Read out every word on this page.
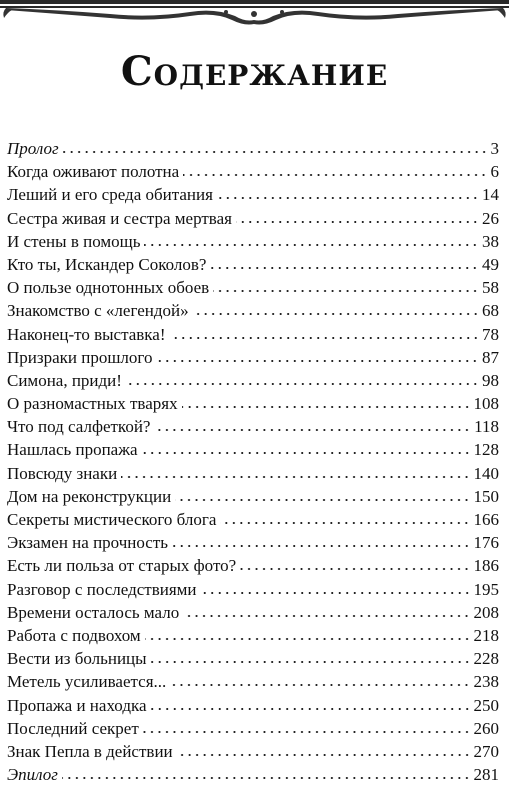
Содержание
Пролог	3
Когда оживают полотна	6
Леший и его среда обитания	14
Сестра живая и сестра мертвая	26
И стены в помощь	38
Кто ты, Искандер Соколов?	49
О пользе однотонных обоев	58
Знакомство с «легендой»	68
Наконец-то выставка!	78
Призраки прошлого	87
Симона, приди!	98
О разномастных тварях	108
Что под салфеткой?	118
Нашлась пропажа	128
Повсюду знаки	140
Дом на реконструкции	150
Секреты мистического блога	166
Экзамен на прочность	176
Есть ли польза от старых фото?	186
Разговор с последствиями	195
Времени осталось мало	208
Работа с подвохом	218
Вести из больницы	228
Метель усиливается...	238
Пропажа и находка	250
Последний секрет	260
Знак Пепла в действии	270
Эпилог	281
